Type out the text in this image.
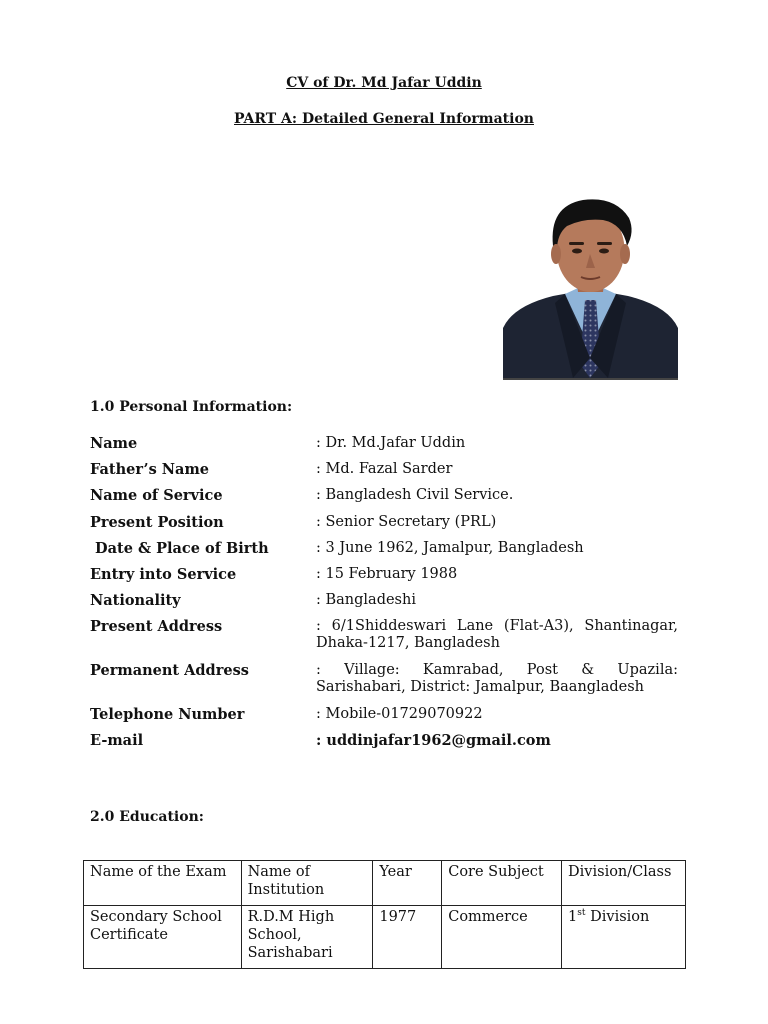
CV of Dr. Md Jafar Uddin
PART A: Detailed General Information
1.0 Personal Information:
Name	: Dr. Md.Jafar Uddin
Father’s Name	: Md. Fazal Sarder
Name of Service	: Bangladesh Civil Service.
Present Position	: Senior Secretary (PRL)
Date & Place of Birth	: 3 June 1962, Jamalpur, Bangladesh
Entry into Service	: 15 February 1988
Nationality	: Bangladeshi
Present Address	: 6/1Shiddeswari Lane (Flat-A3), Shantinagar, Dhaka-1217, Bangladesh
Permanent Address	: Village: Kamrabad, Post & Upazila: Sarishabari, District: Jamalpur, Baangladesh
Telephone Number	: Mobile-01729070922
E-mail	: uddinjafar1962@gmail.com
2.0 Education:
Name of the Exam	Name of Institution	Year	Core Subject	Division/Class
Secondary School Certificate	R.D.M High School, Sarishabari	1977	Commerce	1st Division
